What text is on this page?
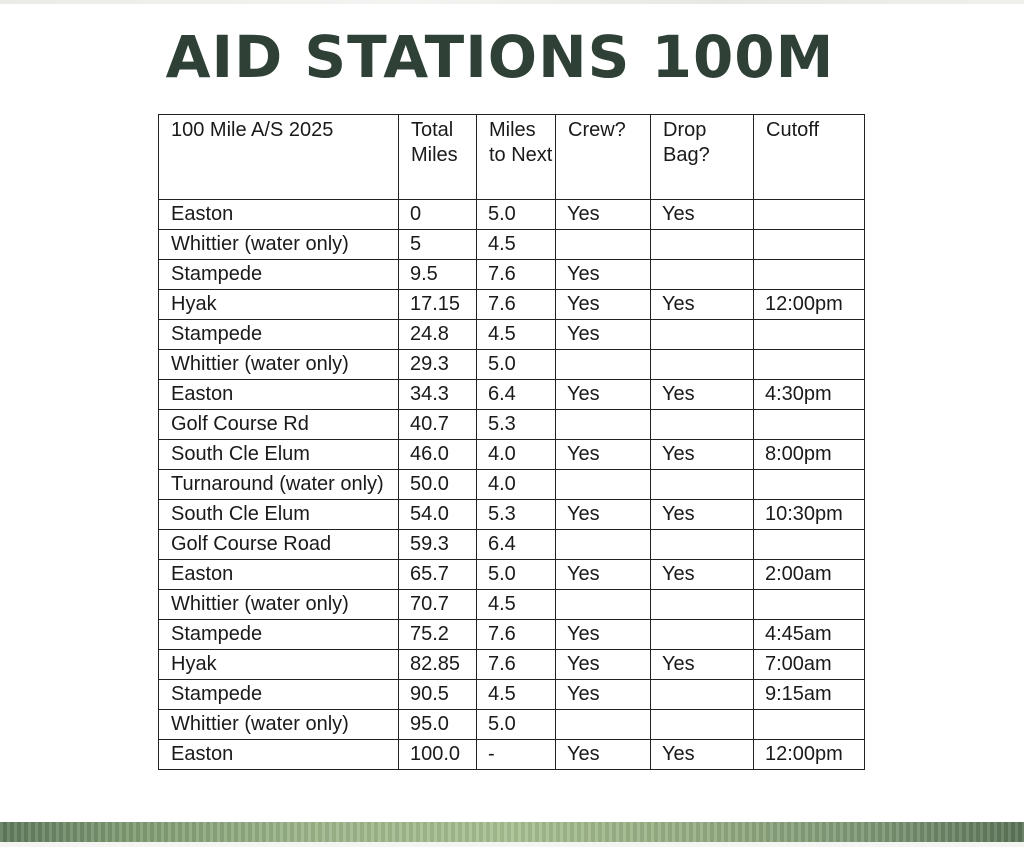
AID STATIONS 100M
100 Mile A/S 2025	Total Miles	Miles to Next	Crew?	Drop Bag?	Cutoff
Easton	0	5.0	Yes	Yes	
Whittier (water only)	5	4.5			
Stampede	9.5	7.6	Yes		
Hyak	17.15	7.6	Yes	Yes	12:00pm
Stampede	24.8	4.5	Yes		
Whittier (water only)	29.3	5.0			
Easton	34.3	6.4	Yes	Yes	4:30pm
Golf Course Rd	40.7	5.3			
South Cle Elum	46.0	4.0	Yes	Yes	8:00pm
Turnaround (water only)	50.0	4.0			
South Cle Elum	54.0	5.3	Yes	Yes	10:30pm
Golf Course Road	59.3	6.4			
Easton	65.7	5.0	Yes	Yes	2:00am
Whittier (water only)	70.7	4.5			
Stampede	75.2	7.6	Yes		4:45am
Hyak	82.85	7.6	Yes	Yes	7:00am
Stampede	90.5	4.5	Yes		9:15am
Whittier (water only)	95.0	5.0			
Easton	100.0	-	Yes	Yes	12:00pm
